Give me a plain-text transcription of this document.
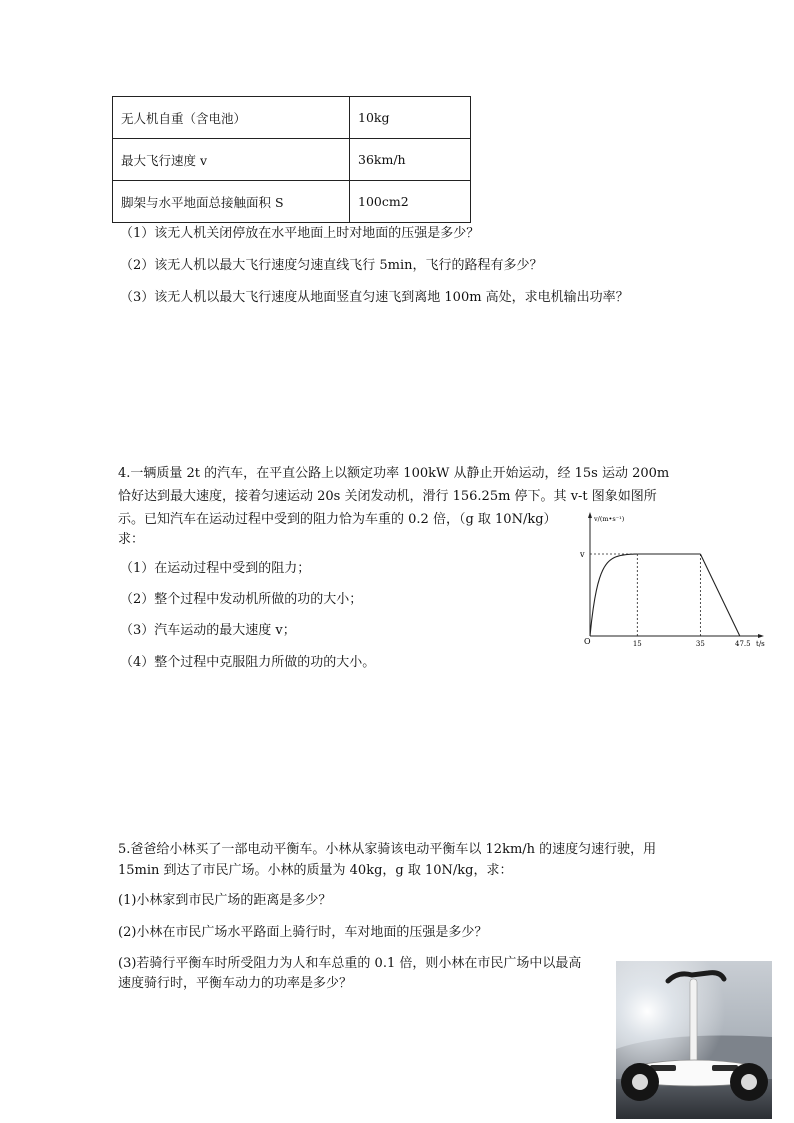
无人机自重（含电池）	10kg
最大飞行速度 v	36km/h
脚架与水平地面总接触面积 S	100cm2
（1）该无人机关闭停放在水平地面上时对地面的压强是多少？
（2）该无人机以最大飞行速度匀速直线飞行 5min，飞行的路程有多少？
（3）该无人机以最大飞行速度从地面竖直匀速飞到离地 100m 高处，求电机输出功率？
4.一辆质量 2t 的汽车，在平直公路上以额定功率 100kW 从静止开始运动，经 15s 运动 200m
恰好达到最大速度，接着匀速运动 20s 关闭发动机，滑行 156.25m 停下。其 v-t 图象如图所
示。已知汽车在运动过程中受到的阻力恰为车重的 0.2 倍，（g 取 10N/kg）
求：
（1）在运动过程中受到的阻力；
（2）整个过程中发动机所做的功的大小；
（3）汽车运动的最大速度 v；
（4）整个过程中克服阻力所做的功的大小。
v/(m•s⁻¹)
t/s
O
v
15	35	47.5
5.爸爸给小林买了一部电动平衡车。小林从家骑该电动平衡车以 12km/h 的速度匀速行驶，用
15min 到达了市民广场。小林的质量为 40kg，g 取 10N/kg，求：
(1)小林家到市民广场的距离是多少？
(2)小林在市民广场水平路面上骑行时，车对地面的压强是多少？
(3)若骑行平衡车时所受阻力为人和车总重的 0.1 倍，则小林在市民广场中以最高
速度骑行时，平衡车动力的功率是多少？
